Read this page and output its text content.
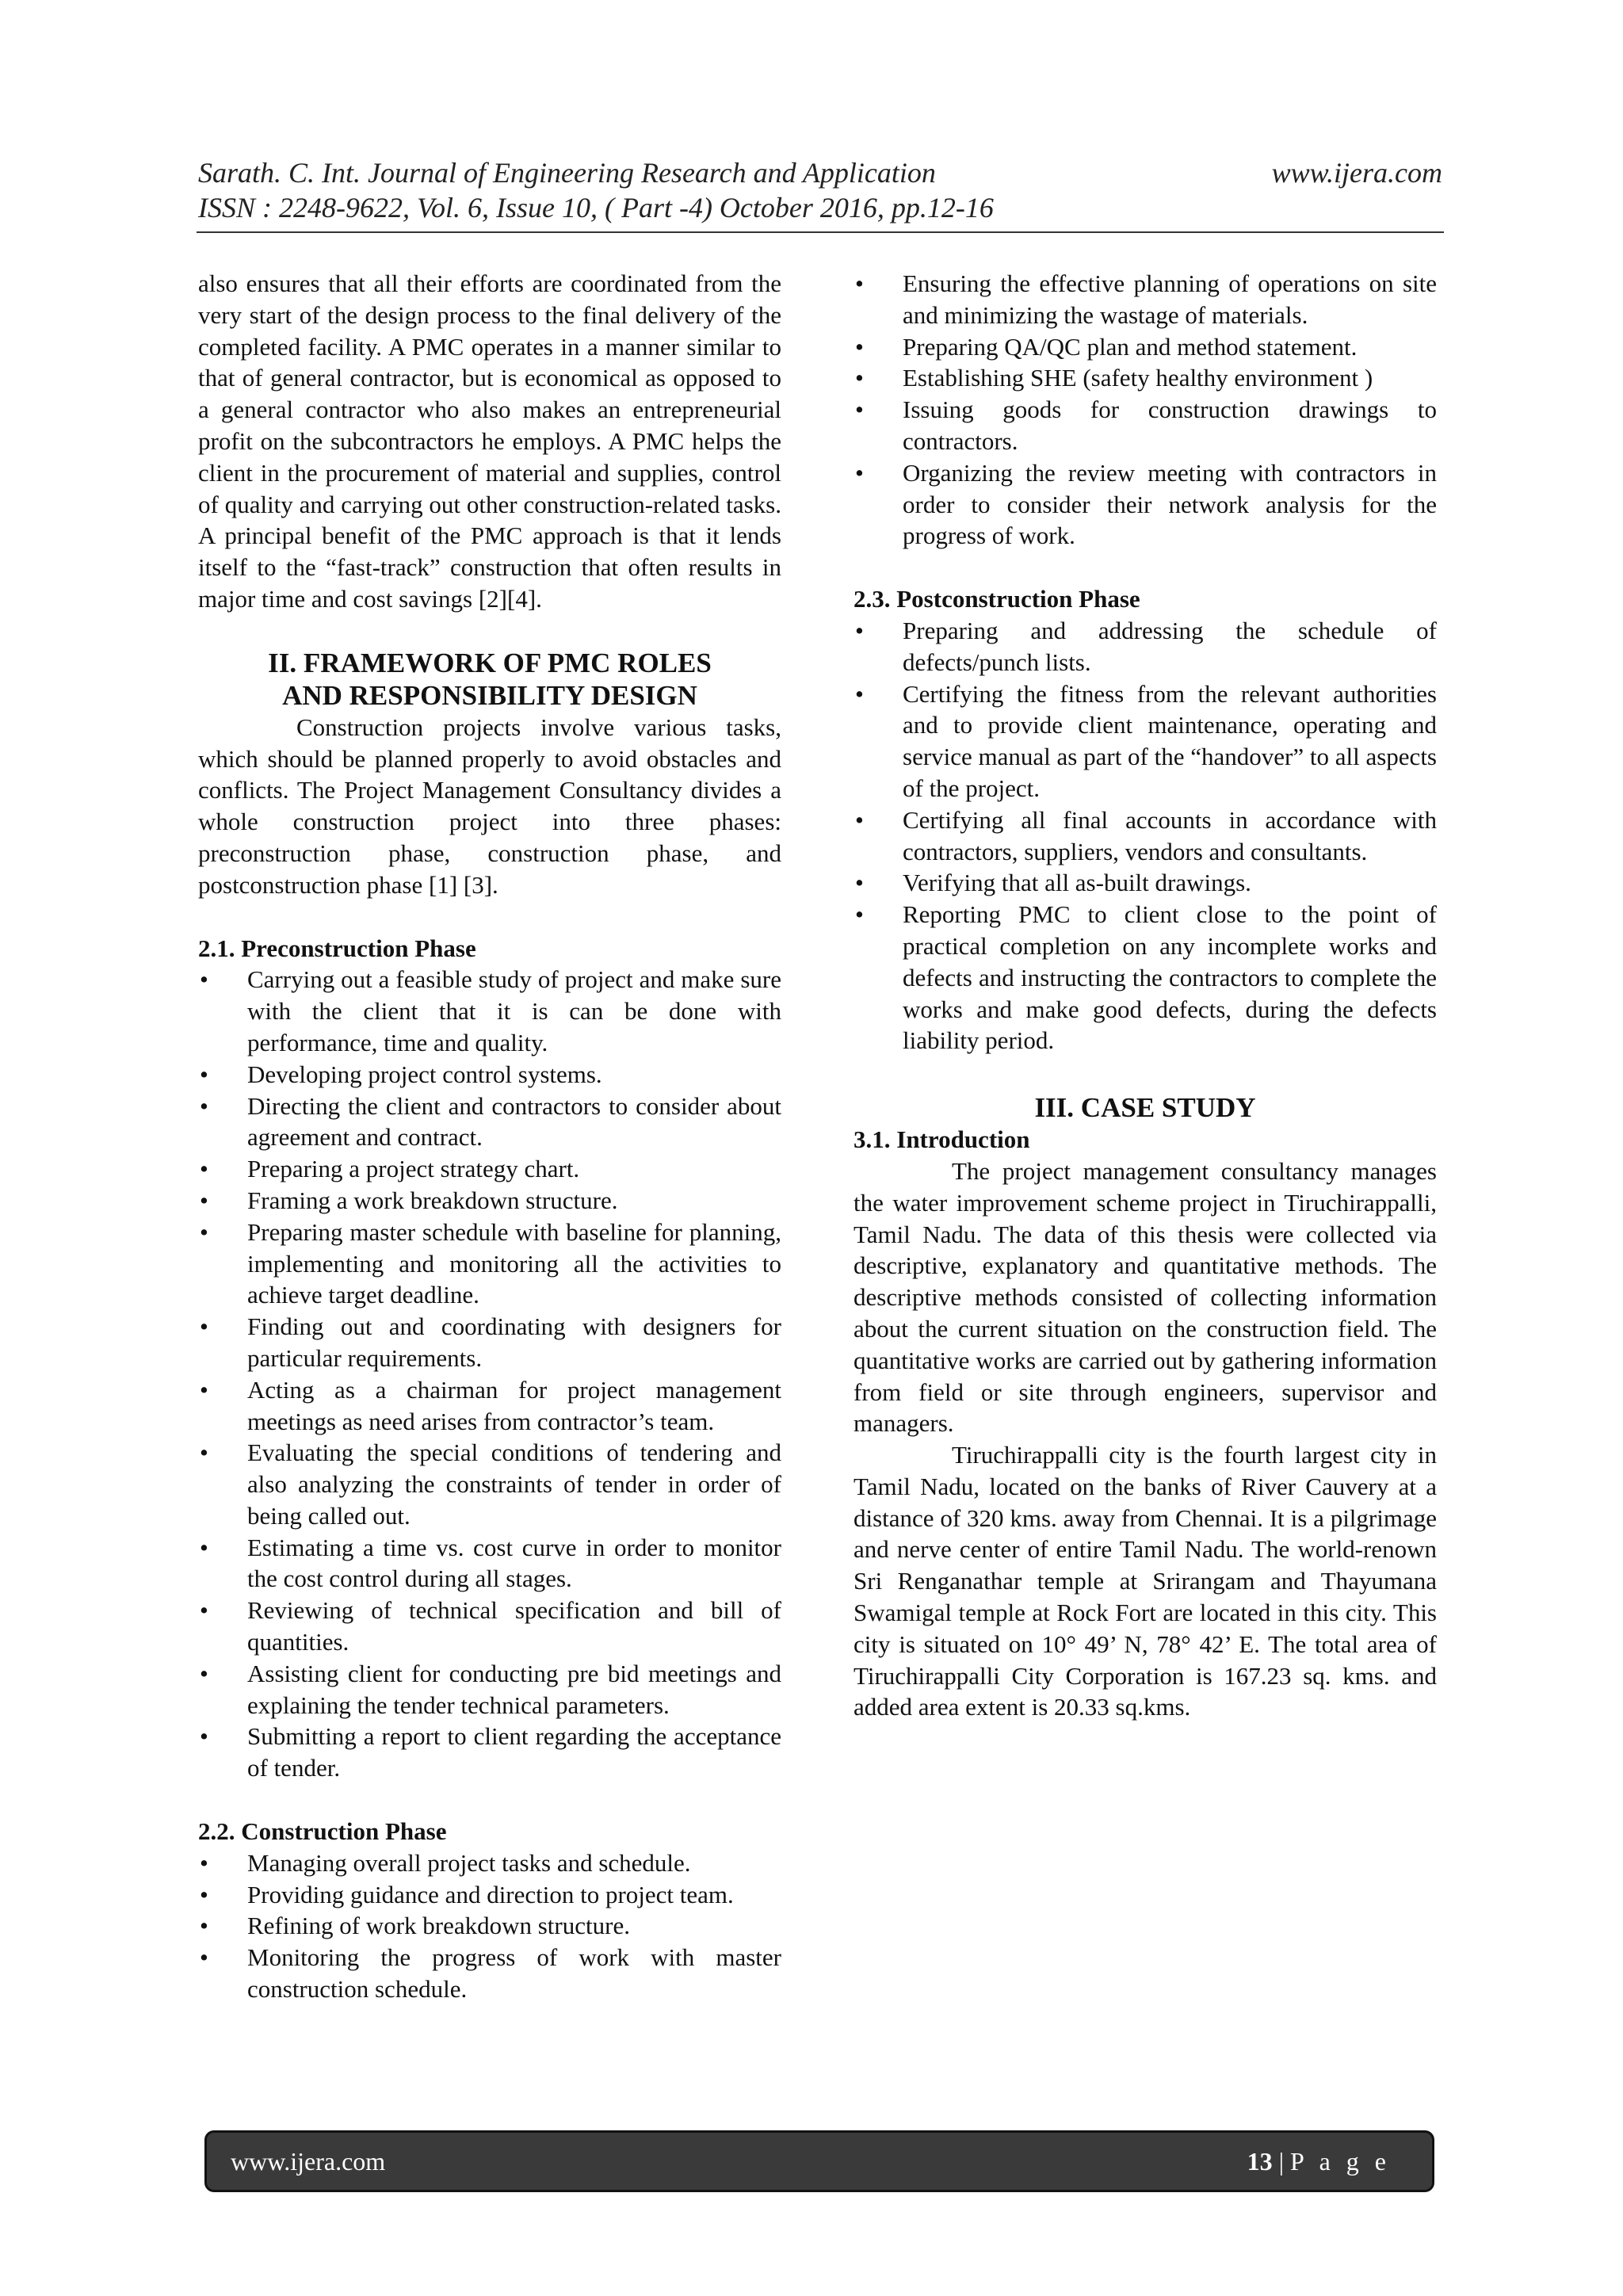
Sarath. C. Int. Journal of Engineering Research and Application	www.ijera.com
ISSN : 2248-9622, Vol. 6, Issue 10, ( Part -4) October 2016, pp.12-16

also ensures that all their efforts are coordinated from the very start of the design process to the final delivery of the completed facility. A PMC operates in a manner similar to that of general contractor, but is economical as opposed to a general contractor who also makes an entrepreneurial profit on the subcontractors he employs. A PMC helps the client in the procurement of material and supplies, control of quality and carrying out other construction-related tasks. A principal benefit of the PMC approach is that it lends itself to the “fast-track” construction that often results in major time and cost savings [2][4].

II. FRAMEWORK OF PMC ROLES

AND RESPONSIBILITY DESIGN

Construction projects involve various tasks, which should be planned properly to avoid obstacles and conflicts. The Project Management Consultancy divides a whole construction project into three phases: preconstruction phase, construction phase, and postconstruction phase [1] [3].

2.1. Preconstruction Phase

• Carrying out a feasible study of project and make sure with the client that it is can be done with performance, time and quality.
• Developing project control systems.
• Directing the client and contractors to consider about agreement and contract.
• Preparing a project strategy chart.
• Framing a work breakdown structure.
• Preparing master schedule with baseline for planning, implementing and monitoring all the activities to achieve target deadline.
• Finding out and coordinating with designers for particular requirements.
• Acting as a chairman for project management meetings as need arises from contractor’s team.
• Evaluating the special conditions of tendering and also analyzing the constraints of tender in order of being called out.
• Estimating a time vs. cost curve in order to monitor the cost control during all stages.
• Reviewing of technical specification and bill of quantities.
• Assisting client for conducting pre bid meetings and explaining the tender technical parameters.
• Submitting a report to client regarding the acceptance of tender.

2.2. Construction Phase

• Managing overall project tasks and schedule.
• Providing guidance and direction to project team.
• Refining of work breakdown structure.
• Monitoring the progress of work with master construction schedule.
• Ensuring the effective planning of operations on site and minimizing the wastage of materials.
• Preparing QA/QC plan and method statement.
• Establishing SHE (safety healthy environment )
• Issuing goods for construction drawings to contractors.
• Organizing the review meeting with contractors in order to consider their network analysis for the progress of work.

2.3. Postconstruction Phase

• Preparing and addressing the schedule of defects/punch lists.
• Certifying the fitness from the relevant authorities and to provide client maintenance, operating and service manual as part of the “handover” to all aspects of the project.
• Certifying all final accounts in accordance with contractors, suppliers, vendors and consultants.
• Verifying that all as-built drawings.
• Reporting PMC to client close to the point of practical completion on any incomplete works and defects and instructing the contractors to complete the works and make good defects, during the defects liability period.

III. CASE STUDY

3.1. Introduction

The project management consultancy manages the water improvement scheme project in Tiruchirappalli, Tamil Nadu. The data of this thesis were collected via descriptive, explanatory and quantitative methods. The descriptive methods consisted of collecting information about the current situation on the construction field. The quantitative works are carried out by gathering information from field or site through engineers, supervisor and managers.

Tiruchirappalli city is the fourth largest city in Tamil Nadu, located on the banks of River Cauvery at a distance of 320 kms. away from Chennai. It is a pilgrimage and nerve center of entire Tamil Nadu. The world-renown Sri Renganathar temple at Srirangam and Thayumana Swamigal temple at Rock Fort are located in this city. This city is situated on 10° 49’ N, 78° 42’ E. The total area of Tiruchirappalli City Corporation is 167.23 sq. kms. and added area extent is 20.33 sq.kms.

www.ijera.com	13 | P a g e
